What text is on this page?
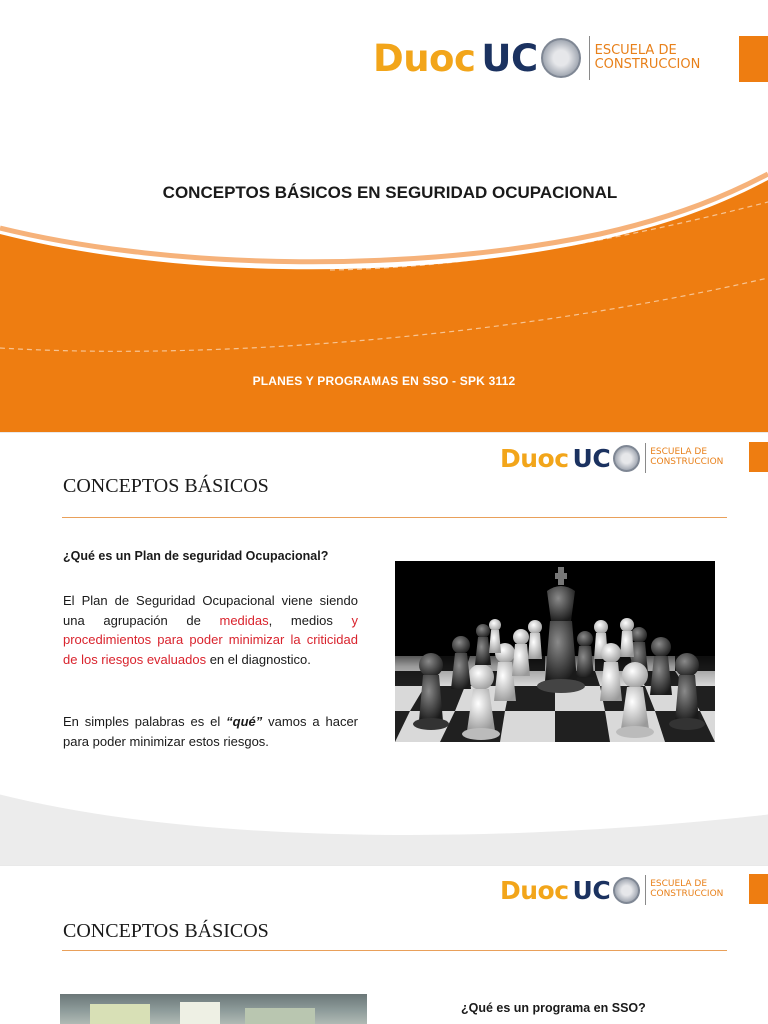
Duoc UC	ESCUELA DE
CONSTRUCCION
CONCEPTOS BÁSICOS EN SEGURIDAD OCUPACIONAL
PLANES Y PROGRAMAS EN SSO - SPK 3112
Duoc UC	ESCUELA DE
CONSTRUCCION
CONCEPTOS BÁSICOS
¿Qué es un Plan de seguridad Ocupacional?

El Plan de Seguridad Ocupacional viene siendo una agrupación de medidas, medios y procedimientos para poder minimizar la criticidad de los riesgos evaluados en el diagnostico.

En simples palabras es el “qué” vamos a hacer para poder minimizar estos riesgos.

Duoc UC	ESCUELA DE
CONSTRUCCION
CONCEPTOS BÁSICOS
¿Qué es un programa en SSO?
